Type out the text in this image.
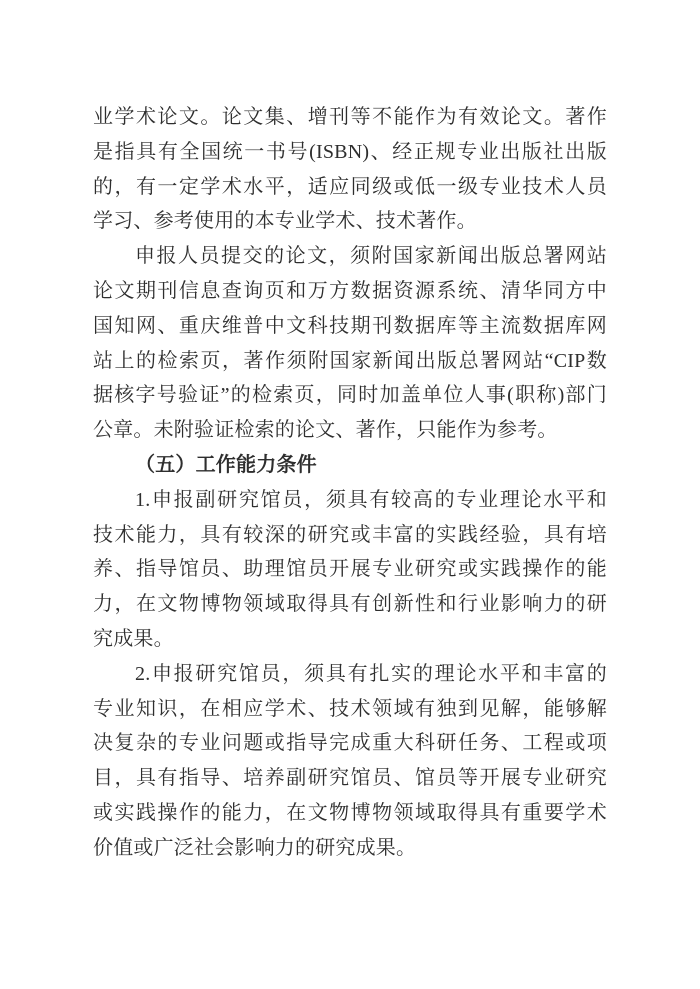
业学术论文。论文集、增刊等不能作为有效论文。著作
是指具有全国统一书号(ISBN)、经正规专业出版社出版
的，有一定学术水平，适应同级或低一级专业技术人员
学习、参考使用的本专业学术、技术著作。
申报人员提交的论文，须附国家新闻出版总署网站
论文期刊信息查询页和万方数据资源系统、清华同方中
国知网、重庆维普中文科技期刊数据库等主流数据库网
站上的检索页，著作须附国家新闻出版总署网站“CIP数
据核字号验证”的检索页，同时加盖单位人事(职称)部门
公章。未附验证检索的论文、著作，只能作为参考。
（五）工作能力条件
1.申报副研究馆员，须具有较高的专业理论水平和
技术能力，具有较深的研究或丰富的实践经验，具有培
养、指导馆员、助理馆员开展专业研究或实践操作的能
力，在文物博物领域取得具有创新性和行业影响力的研
究成果。
2.申报研究馆员，须具有扎实的理论水平和丰富的
专业知识，在相应学术、技术领域有独到见解，能够解
决复杂的专业问题或指导完成重大科研任务、工程或项
目，具有指导、培养副研究馆员、馆员等开展专业研究
或实践操作的能力，在文物博物领域取得具有重要学术
价值或广泛社会影响力的研究成果。
